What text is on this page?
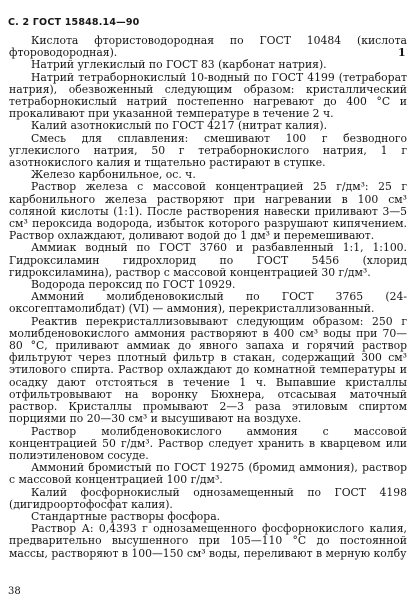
С. 2 ГОСТ 15848.14—90
1

Кислота фтористоводородная по ГОСТ 10484 (кислота фтороводородная).

Натрий углекислый по ГОСТ 83 (карбонат натрия).

Натрий тетраборнокислый 10-водный по ГОСТ 4199 (тетраборат натрия), обезвоженный следующим образом: кристаллический тетраборнокислый натрий постепенно нагревают до 400 °С и прокаливают при указанной температуре в течение 2 ч.

Калий азотнокислый по ГОСТ 4217 (нитрат калия).

Смесь для сплавления: смешивают 100 г безводного углекислого натрия, 50 г тетраборнокислого натрия, 1 г азотнокислого калия и тщательно растирают в ступке.

Железо карбонильное, ос. ч.

Раствор железа с массовой концентрацией 25 г/дм³: 25 г карбонильного железа растворяют при нагревании в 100 см³ соляной кислоты (1:1). После растворения навески приливают 3—5 см³ пероксида водорода, избыток которого разрушают кипячением. Раствор охлаждают, доливают водой до 1 дм³ и перемешивают.

Аммиак водный по ГОСТ 3760 и разбавленный 1:1, 1:100. Гидроксиламин гидрохлорид по ГОСТ 5456 (хлорид гидроксиламина), раствор с массовой концентрацией 30 г/дм³.

Водорода пероксид по ГОСТ 10929.

Аммоний молибденовокислый по ГОСТ 3765 (24-оксогептамолибдат) (VI) — аммония), перекристаллизованный.

Реактив перекристаллизовывают следующим образом: 250 г молибденовокислого аммония растворяют в 400 см³ воды при 70—80 °С, приливают аммиак до явного запаха и горячий раствор фильтруют через плотный фильтр в стакан, содержащий 300 см³ этилового спирта. Раствор охлаждают до комнатной температуры и осадку дают отстояться в течение 1 ч. Выпавшие кристаллы отфильтровывают на воронку Бюхнера, отсасывая маточный раствор. Кристаллы промывают 2—3 раза этиловым спиртом порциями по 20—30 см³ и высушивают на воздухе.

Раствор молибденовокислого аммония с массовой концентрацией 50 г/дм³. Раствор следует хранить в кварцевом или полиэтиленовом сосуде.

Аммоний бромистый по ГОСТ 19275 (бромид аммония), раствор с массовой концентрацией 100 г/дм³.

Калий фосфорнокислый однозамещенный по ГОСТ 4198 (дигидроортофосфат калия).

Стандартные растворы фосфора.

Раствор А: 0,4393 г однозамещенного фосфорнокислого калия, предварительно высушенного при 105—110 °С до постоянной массы, растворяют в 100—150 см³ воды, переливают в мерную колбу

38
